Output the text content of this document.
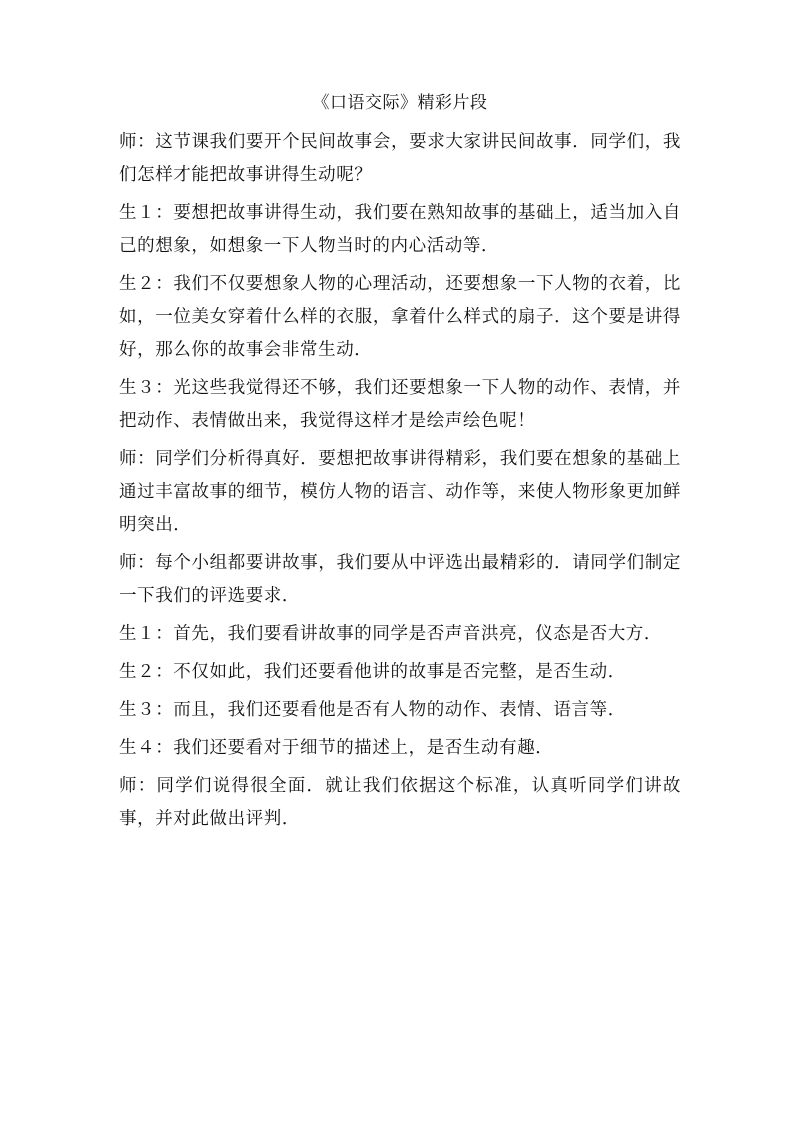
《口语交际》精彩片段

师：这节课我们要开个民间故事会，要求大家讲民间故事．同学们，我们怎样才能把故事讲得生动呢？

生１：要想把故事讲得生动，我们要在熟知故事的基础上，适当加入自己的想象，如想象一下人物当时的内心活动等．

生２：我们不仅要想象人物的心理活动，还要想象一下人物的衣着，比如，一位美女穿着什么样的衣服，拿着什么样式的扇子．这个要是讲得好，那么你的故事会非常生动．

生３：光这些我觉得还不够，我们还要想象一下人物的动作、表情，并把动作、表情做出来，我觉得这样才是绘声绘色呢！

师：同学们分析得真好．要想把故事讲得精彩，我们要在想象的基础上通过丰富故事的细节，模仿人物的语言、动作等，来使人物形象更加鲜明突出．

师：每个小组都要讲故事，我们要从中评选出最精彩的．请同学们制定一下我们的评选要求．

生１：首先，我们要看讲故事的同学是否声音洪亮，仪态是否大方．

生２：不仅如此，我们还要看他讲的故事是否完整，是否生动．

生３：而且，我们还要看他是否有人物的动作、表情、语言等．

生４：我们还要看对于细节的描述上，是否生动有趣．

师：同学们说得很全面．就让我们依据这个标准，认真听同学们讲故事，并对此做出评判．
